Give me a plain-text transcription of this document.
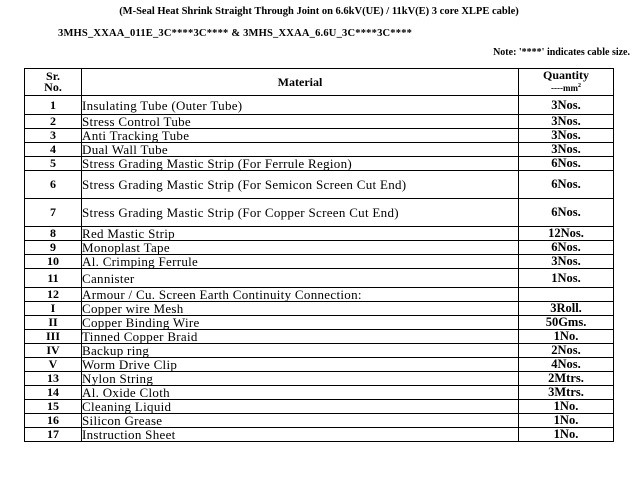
(M-Seal Heat Shrink Straight Through Joint on 6.6kV(UE) / 11kV(E) 3 core XLPE cable)
3MHS_XXAA_011E_3C****3C**** & 3MHS_XXAA_6.6U_3C****3C****
Note: '****' indicates cable size.
Sr.
No.	Material	Quantity
$----mm^2$
1	Insulating Tube (Outer Tube)	3Nos.
2	Stress Control Tube	3Nos.
3	Anti Tracking Tube	3Nos.
4	Dual Wall Tube	3Nos.
5	Stress Grading Mastic Strip (For Ferrule Region)	6Nos.
6	Stress Grading Mastic Strip (For Semicon Screen Cut End)	6Nos.
7	Stress Grading Mastic Strip (For Copper Screen Cut End)	6Nos.
8	Red Mastic Strip	12Nos.
9	Monoplast Tape	6Nos.
10	Al. Crimping Ferrule	3Nos.
11	Cannister	1Nos.
12	Armour / Cu. Screen Earth Continuity Connection:	
I	Copper wire Mesh	3Roll.
II	Copper Binding Wire	50Gms.
III	Tinned Copper Braid	1No.
IV	Backup ring	2Nos.
V	Worm Drive Clip	4Nos.
13	Nylon String	2Mtrs.
14	Al. Oxide Cloth	3Mtrs.
15	Cleaning Liquid	1No.
16	Silicon Grease	1No.
17	Instruction Sheet	1No.
